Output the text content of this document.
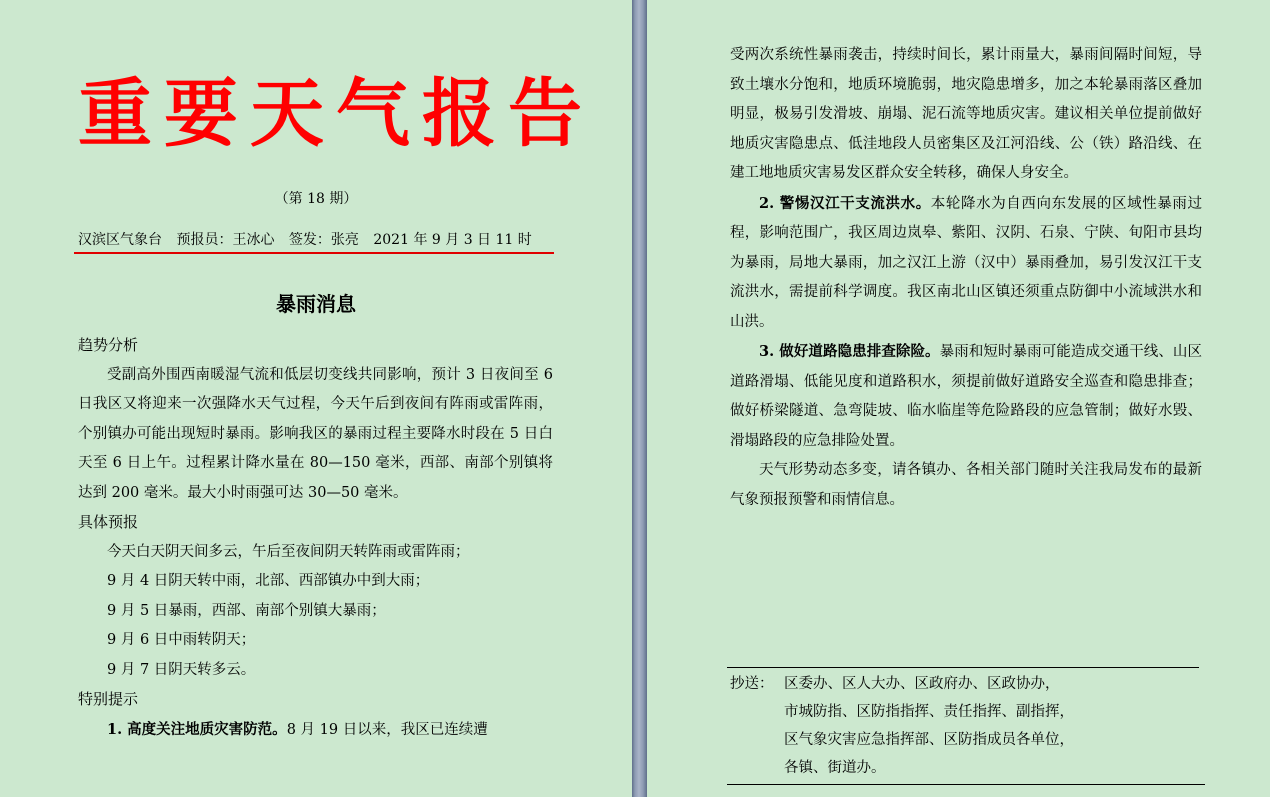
重要天气报告
（第 18 期）
汉滨区气象台 预报员：王冰心 签发：张亮 2021 年 9 月 3 日 11 时
暴雨消息

趋势分析

受副高外围西南暖湿气流和低层切变线共同影响，预计 3 日夜间至 6 日我区又将迎来一次强降水天气过程，今天午后到夜间有阵雨或雷阵雨，个别镇办可能出现短时暴雨。影响我区的暴雨过程主要降水时段在 5 日白天至 6 日上午。过程累计降水量在 80—150 毫米，西部、南部个别镇将达到 200 毫米。最大小时雨强可达 30—50 毫米。

具体预报

今天白天阴天间多云，午后至夜间阴天转阵雨或雷阵雨；

9 月 4 日阴天转中雨，北部、西部镇办中到大雨；

9 月 5 日暴雨，西部、南部个别镇大暴雨；

9 月 6 日中雨转阴天；

9 月 7 日阴天转多云。

特别提示

1. 高度关注地质灾害防范。8 月 19 日以来，我区已连续遭

受两次系统性暴雨袭击，持续时间长，累计雨量大，暴雨间隔时间短，导致土壤水分饱和，地质环境脆弱，地灾隐患增多，加之本轮暴雨落区叠加明显，极易引发滑坡、崩塌、泥石流等地质灾害。建议相关单位提前做好地质灾害隐患点、低洼地段人员密集区及江河沿线、公（铁）路沿线、在建工地地质灾害易发区群众安全转移，确保人身安全。

2. 警惕汉江干支流洪水。本轮降水为自西向东发展的区域性暴雨过程，影响范围广，我区周边岚皋、紫阳、汉阴、石泉、宁陕、旬阳市县均为暴雨，局地大暴雨，加之汉江上游（汉中）暴雨叠加，易引发汉江干支流洪水，需提前科学调度。我区南北山区镇还须重点防御中小流域洪水和山洪。

3. 做好道路隐患排查除险。暴雨和短时暴雨可能造成交通干线、山区道路滑塌、低能见度和道路积水，须提前做好道路安全巡查和隐患排查；做好桥梁隧道、急弯陡坡、临水临崖等危险路段的应急管制；做好水毁、滑塌路段的应急排险处置。

天气形势动态多变，请各镇办、各相关部门随时关注我局发布的最新气象预报预警和雨情信息。

抄送： 区委办、区人大办、区政府办、区政协办，
市城防指、区防指指挥、责任指挥、副指挥，
区气象灾害应急指挥部、区防指成员各单位，
各镇、街道办。
